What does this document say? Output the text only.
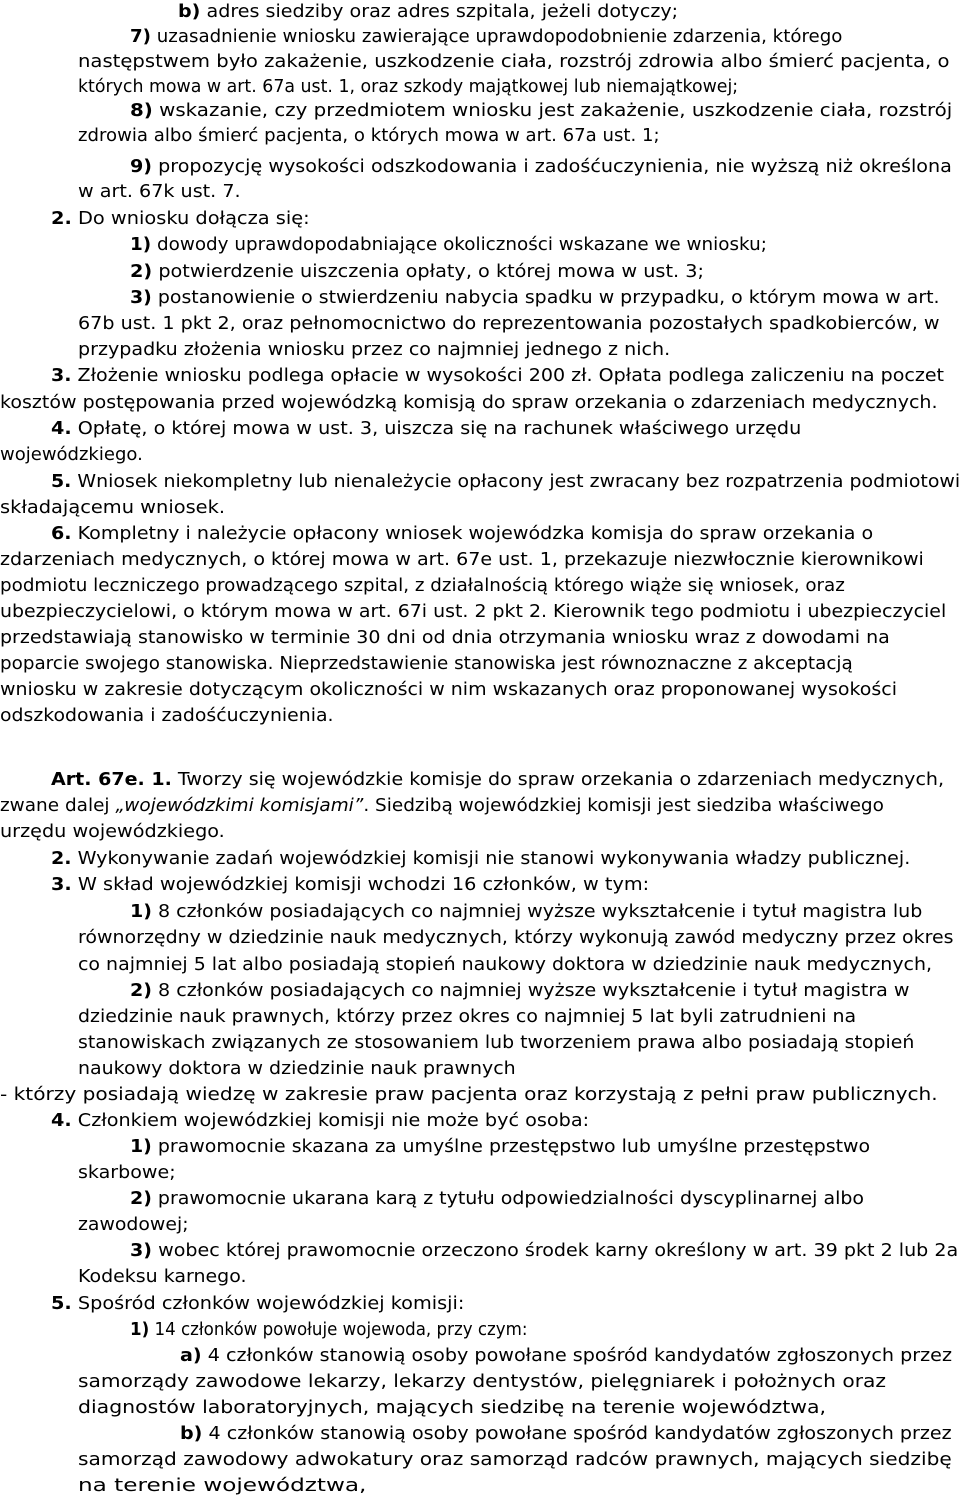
b) adres siedziby oraz adres szpitala, jeżeli dotyczy;
7) uzasadnienie wniosku zawierające uprawdopodobnienie zdarzenia, którego
następstwem było zakażenie, uszkodzenie ciała, rozstrój zdrowia albo śmierć pacjenta, o
których mowa w art. 67a ust. 1, oraz szkody majątkowej lub niemajątkowej;
8) wskazanie, czy przedmiotem wniosku jest zakażenie, uszkodzenie ciała, rozstrój
zdrowia albo śmierć pacjenta, o których mowa w art. 67a ust. 1;
9) propozycję wysokości odszkodowania i zadośćuczynienia, nie wyższą niż określona
w art. 67k ust. 7.
2. Do wniosku dołącza się:
1) dowody uprawdopodabniające okoliczności wskazane we wniosku;
2) potwierdzenie uiszczenia opłaty, o której mowa w ust. 3;
3) postanowienie o stwierdzeniu nabycia spadku w przypadku, o którym mowa w art.
67b ust. 1 pkt 2, oraz pełnomocnictwo do reprezentowania pozostałych spadkobierców, w
przypadku złożenia wniosku przez co najmniej jednego z nich.
3. Złożenie wniosku podlega opłacie w wysokości 200 zł. Opłata podlega zaliczeniu na poczet
kosztów postępowania przed wojewódzką komisją do spraw orzekania o zdarzeniach medycznych.
4. Opłatę, o której mowa w ust. 3, uiszcza się na rachunek właściwego urzędu
wojewódzkiego.
5. Wniosek niekompletny lub nienależycie opłacony jest zwracany bez rozpatrzenia podmiotowi
składającemu wniosek.
6. Kompletny i należycie opłacony wniosek wojewódzka komisja do spraw orzekania o
zdarzeniach medycznych, o której mowa w art. 67e ust. 1, przekazuje niezwłocznie kierownikowi
podmiotu leczniczego prowadzącego szpital, z działalnością którego wiąże się wniosek, oraz
ubezpieczycielowi, o którym mowa w art. 67i ust. 2 pkt 2. Kierownik tego podmiotu i ubezpieczyciel
przedstawiają stanowisko w terminie 30 dni od dnia otrzymania wniosku wraz z dowodami na
poparcie swojego stanowiska. Nieprzedstawienie stanowiska jest równoznaczne z akceptacją
wniosku w zakresie dotyczącym okoliczności w nim wskazanych oraz proponowanej wysokości
odszkodowania i zadośćuczynienia.
Art. 67e. 1. Tworzy się wojewódzkie komisje do spraw orzekania o zdarzeniach medycznych,
zwane dalej „wojewódzkimi komisjami”. Siedzibą wojewódzkiej komisji jest siedziba właściwego
urzędu wojewódzkiego.
2. Wykonywanie zadań wojewódzkiej komisji nie stanowi wykonywania władzy publicznej.
3. W skład wojewódzkiej komisji wchodzi 16 członków, w tym:
1) 8 członków posiadających co najmniej wyższe wykształcenie i tytuł magistra lub
równorzędny w dziedzinie nauk medycznych, którzy wykonują zawód medyczny przez okres
co najmniej 5 lat albo posiadają stopień naukowy doktora w dziedzinie nauk medycznych,
2) 8 członków posiadających co najmniej wyższe wykształcenie i tytuł magistra w
dziedzinie nauk prawnych, którzy przez okres co najmniej 5 lat byli zatrudnieni na
stanowiskach związanych ze stosowaniem lub tworzeniem prawa albo posiadają stopień
naukowy doktora w dziedzinie nauk prawnych
- którzy posiadają wiedzę w zakresie praw pacjenta oraz korzystają z pełni praw publicznych.
4. Członkiem wojewódzkiej komisji nie może być osoba:
1) prawomocnie skazana za umyślne przestępstwo lub umyślne przestępstwo
skarbowe;
2) prawomocnie ukarana karą z tytułu odpowiedzialności dyscyplinarnej albo
zawodowej;
3) wobec której prawomocnie orzeczono środek karny określony w art. 39 pkt 2 lub 2a
Kodeksu karnego.
5. Spośród członków wojewódzkiej komisji:
1) 14 członków powołuje wojewoda, przy czym:
a) 4 członków stanowią osoby powołane spośród kandydatów zgłoszonych przez
samorządy zawodowe lekarzy, lekarzy dentystów, pielęgniarek i położnych oraz
diagnostów laboratoryjnych, mających siedzibę na terenie województwa,
b) 4 członków stanowią osoby powołane spośród kandydatów zgłoszonych przez
samorząd zawodowy adwokatury oraz samorząd radców prawnych, mających siedzibę
na terenie województwa,
